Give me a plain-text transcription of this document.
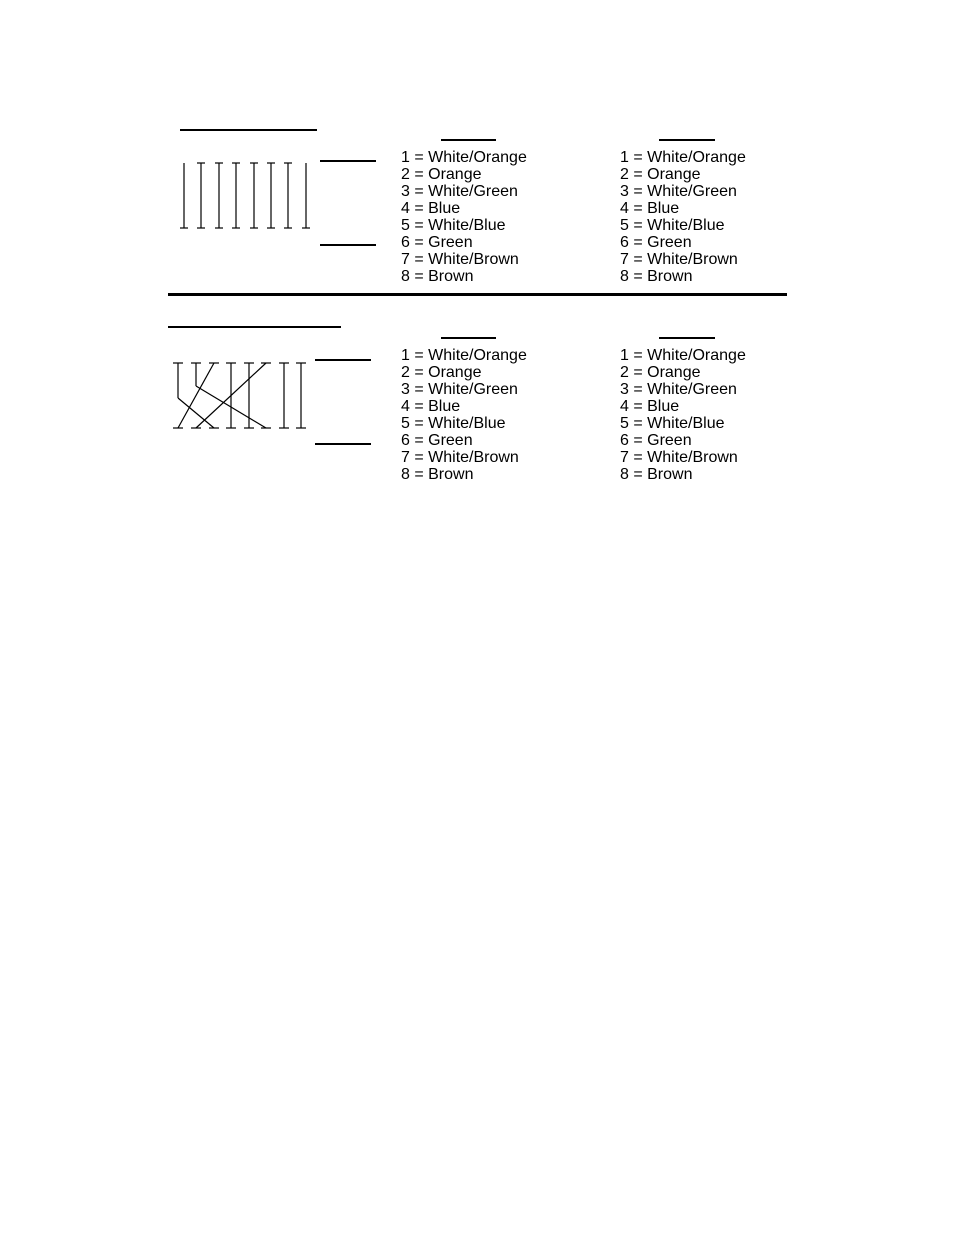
1 = White/Orange
2 = Orange
3 = White/Green
4 = Blue
5 = White/Blue
6 = Green
7 = White/Brown
8 = Brown
1 = White/Orange
2 = Orange
3 = White/Green
4 = Blue
5 = White/Blue
6 = Green
7 = White/Brown
8 = Brown
1 = White/Orange
2 = Orange
3 = White/Green
4 = Blue
5 = White/Blue
6 = Green
7 = White/Brown
8 = Brown
1 = White/Orange
2 = Orange
3 = White/Green
4 = Blue
5 = White/Blue
6 = Green
7 = White/Brown
8 = Brown
